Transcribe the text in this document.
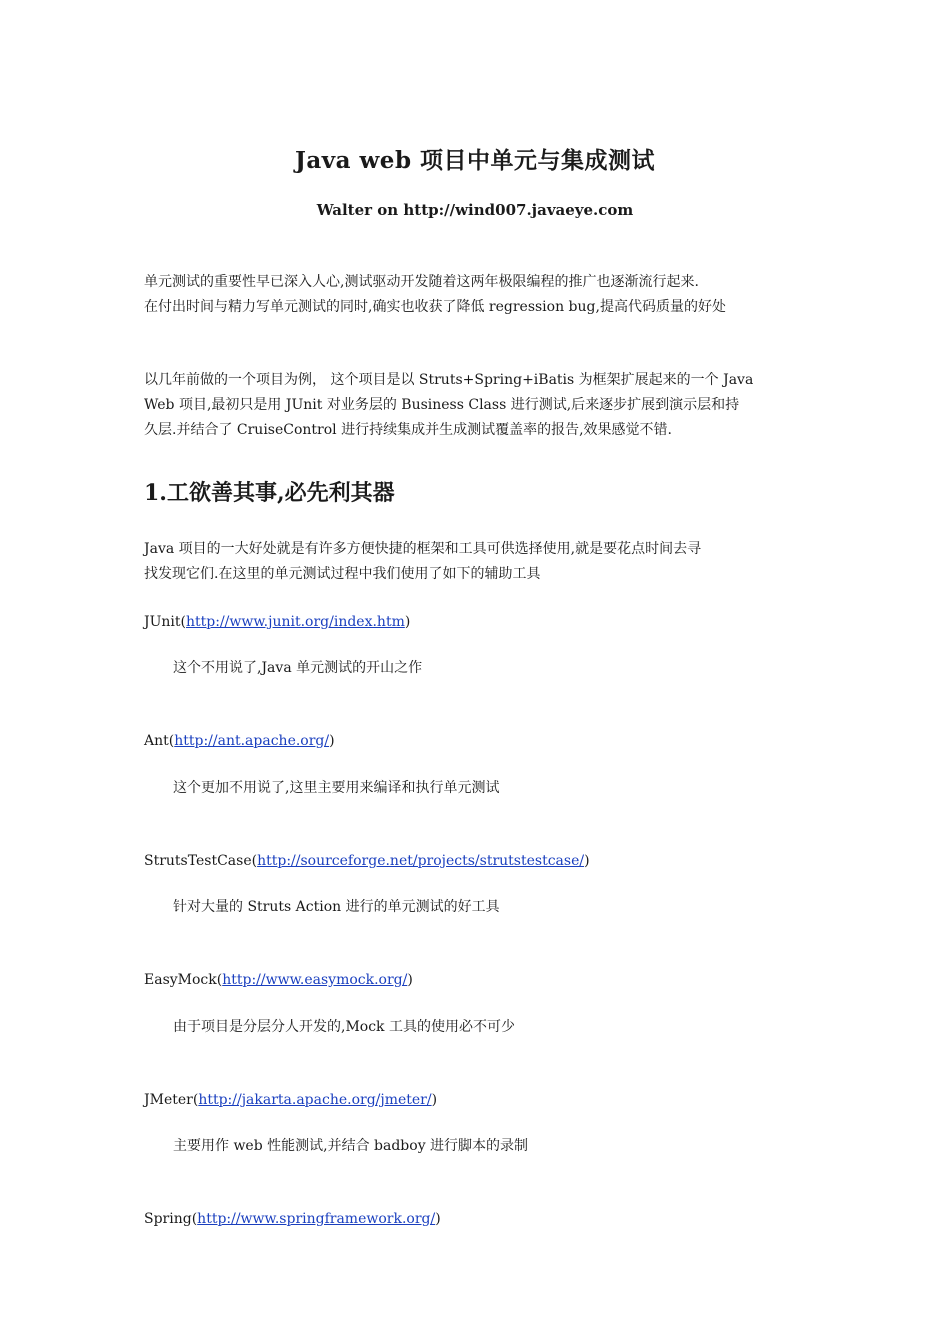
Java web 项目中单元与集成测试
Walter on http://wind007.javaeye.com
单元测试的重要性早已深入人心,测试驱动开发随着这两年极限编程的推广也逐渐流行起来.
在付出时间与精力写单元测试的同时,确实也收获了降低 regression bug,提高代码质量的好处
以几年前做的一个项目为例， 这个项目是以 Struts+Spring+iBatis 为框架扩展起来的一个 Java
Web 项目,最初只是用 JUnit 对业务层的 Business Class 进行测试,后来逐步扩展到演示层和持
久层.并结合了 CruiseControl 进行持续集成并生成测试覆盖率的报告,效果感觉不错.
1.工欲善其事,必先利其器
Java 项目的一大好处就是有许多方便快捷的框架和工具可供选择使用,就是要花点时间去寻
找发现它们.在这里的单元测试过程中我们使用了如下的辅助工具
JUnit(http://www.junit.org/index.htm)
这个不用说了,Java 单元测试的开山之作
Ant(http://ant.apache.org/)
这个更加不用说了,这里主要用来编译和执行单元测试
StrutsTestCase(http://sourceforge.net/projects/strutstestcase/)
针对大量的 Struts Action 进行的单元测试的好工具
EasyMock(http://www.easymock.org/)
由于项目是分层分人开发的,Mock 工具的使用必不可少
JMeter(http://jakarta.apache.org/jmeter/)
主要用作 web 性能测试,并结合 badboy 进行脚本的录制
Spring(http://www.springframework.org/)
